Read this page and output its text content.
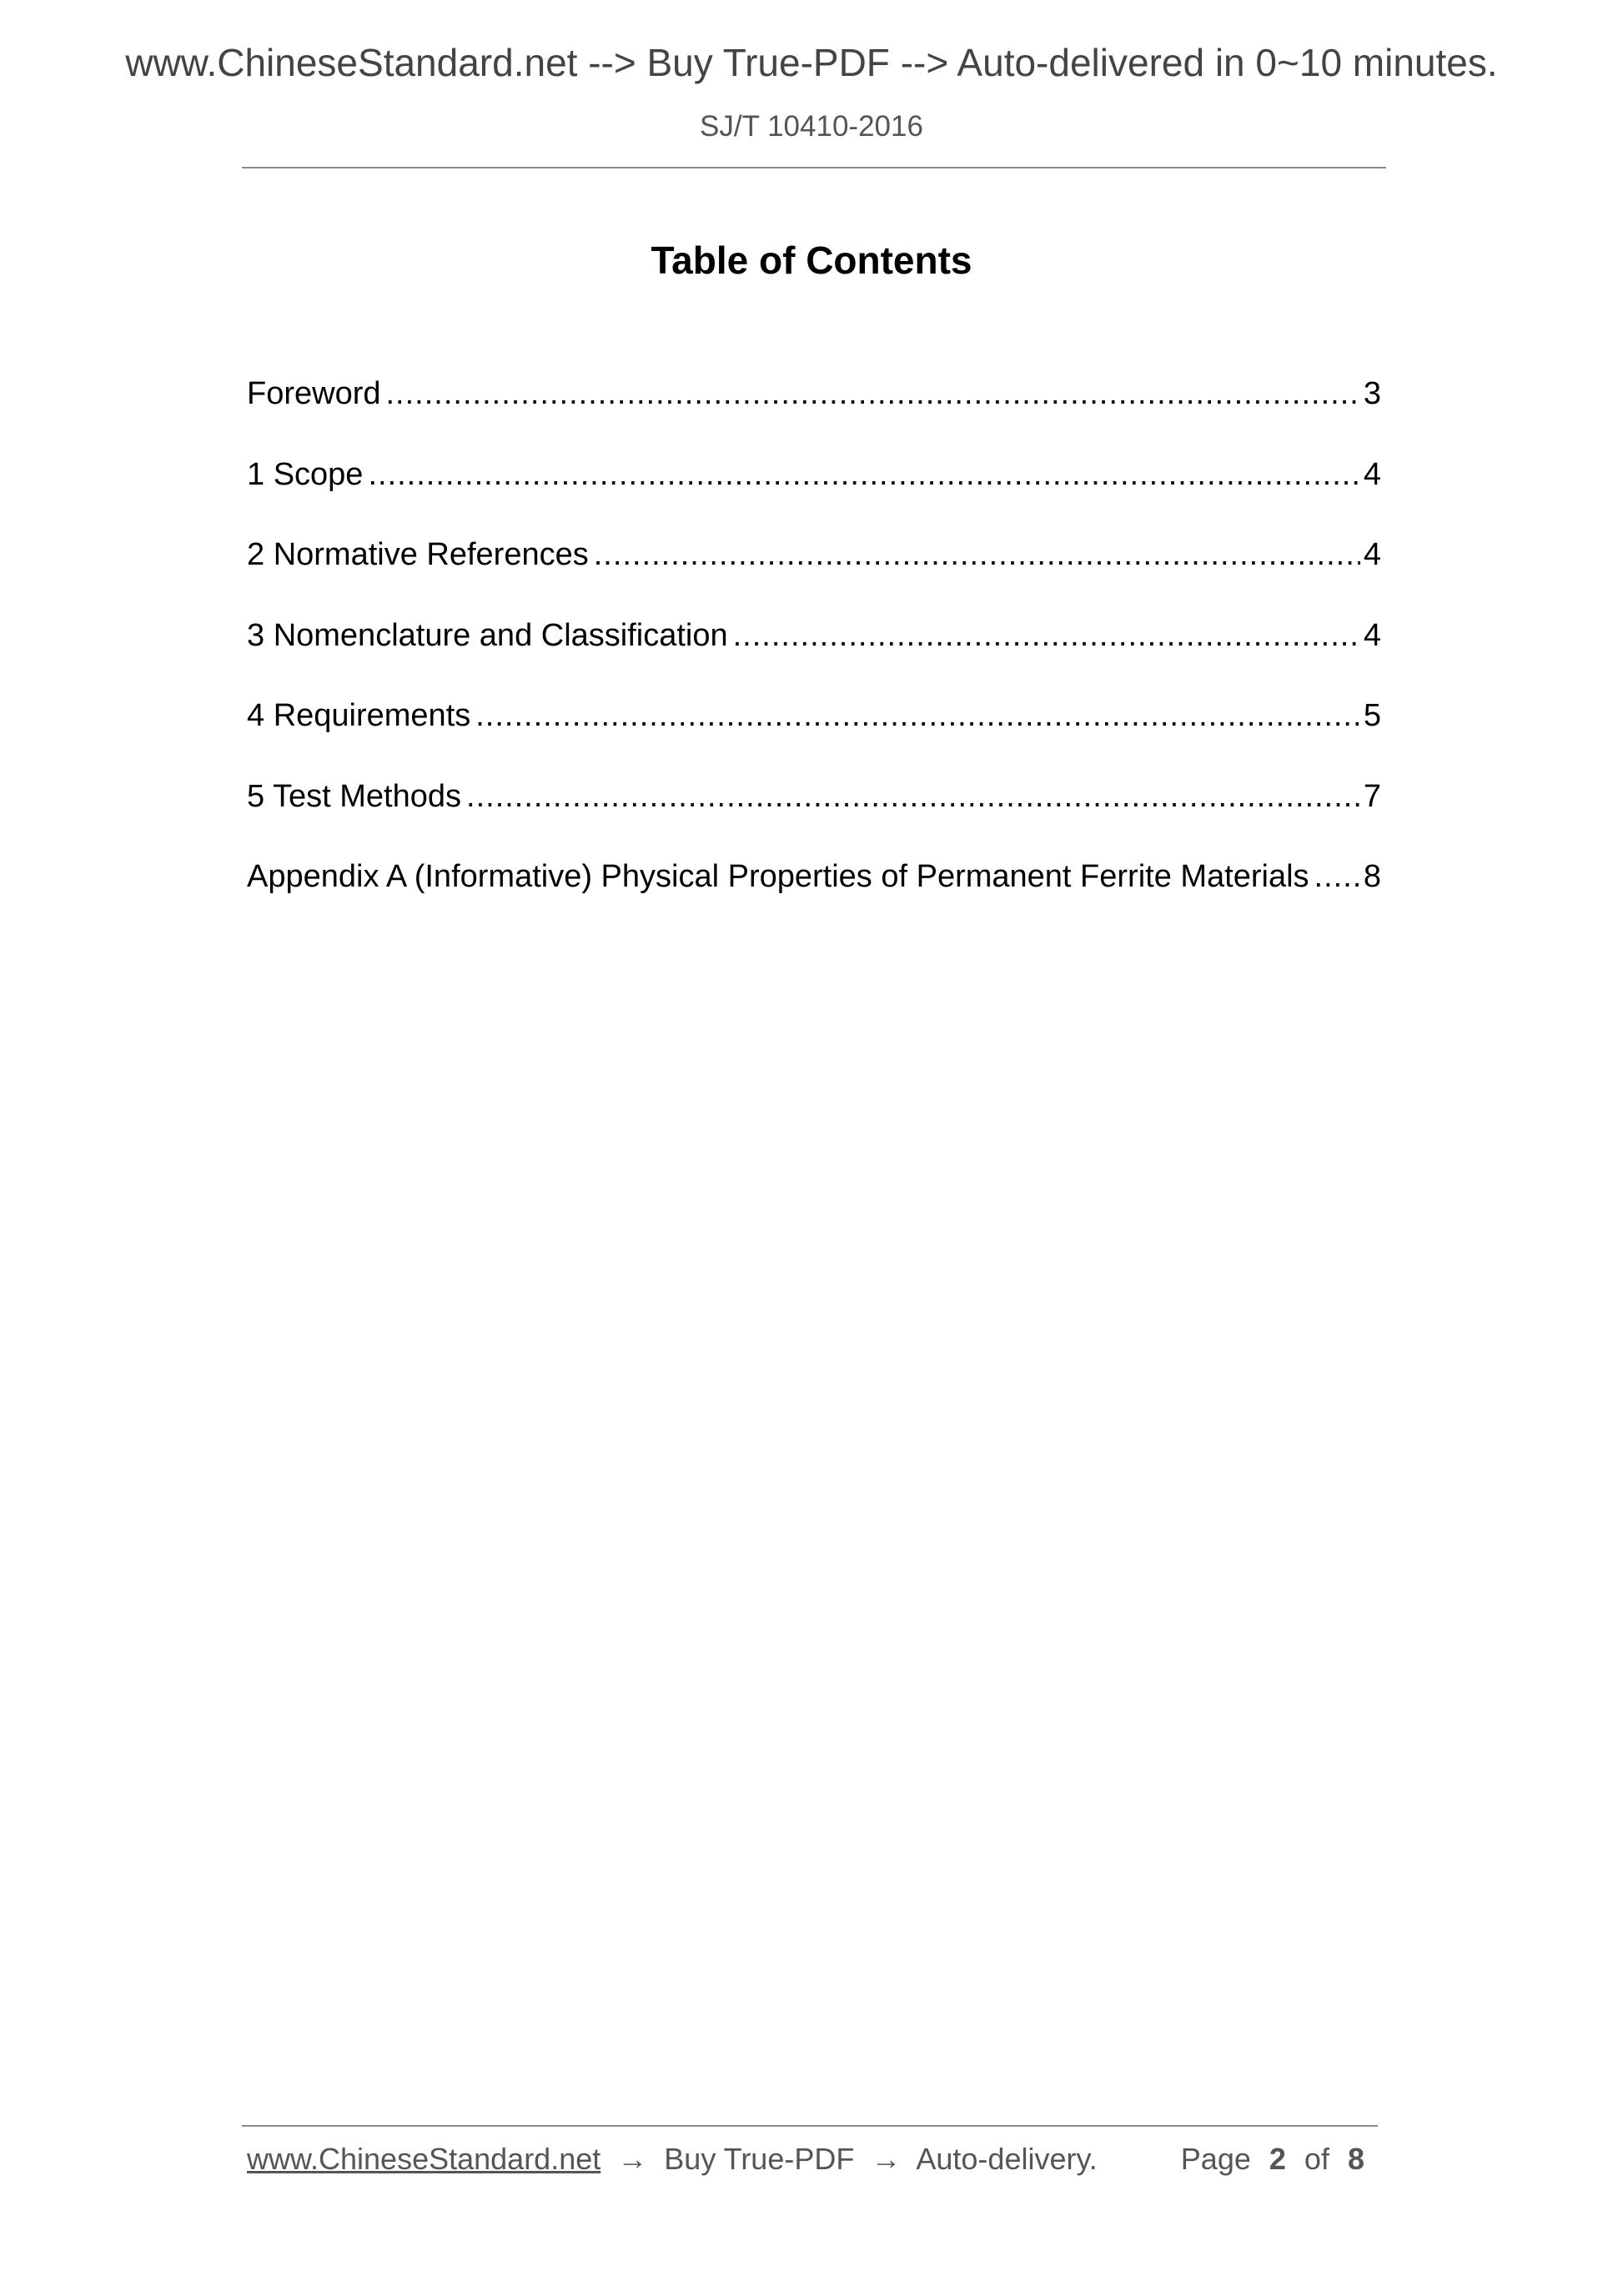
www.ChineseStandard.net --> Buy True-PDF --> Auto-delivered in 0~10 minutes.
SJ/T 10410-2016
Table of Contents
Foreword .....	3
1 Scope .....	4
2 Normative References .....	4
3 Nomenclature and Classification .....	4
4 Requirements .....	5
5 Test Methods .....	7
Appendix A (Informative) Physical Properties of Permanent Ferrite Materials ..... 8
www.ChineseStandard.net → Buy True-PDF → Auto-delivery.	Page 2 of 8
